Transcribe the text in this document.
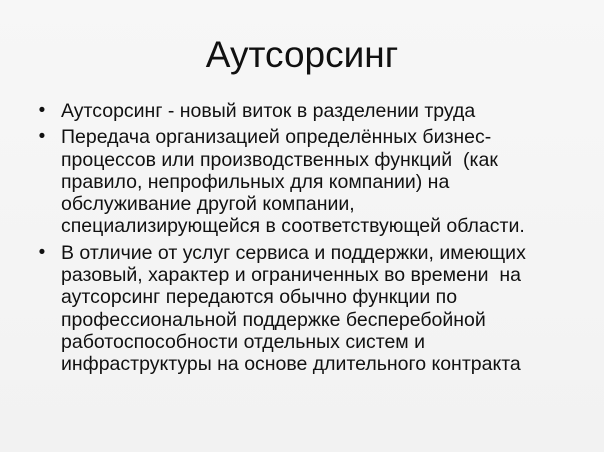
Аутсорсинг
• Аутсорсинг - новый виток в разделении труда
• Передача организацией определённых бизнес-
процессов или производственных функций  (как
правило, непрофильных для компании) на
обслуживание другой компании,
специализирующейся в соответствующей области.
• В отличие от услуг сервиса и поддержки, имеющих
разовый, характер и ограниченных во времени  на
аутсорсинг передаются обычно функции по
профессиональной поддержке бесперебойной
работоспособности отдельных систем и
инфраструктуры на основе длительного контракта
